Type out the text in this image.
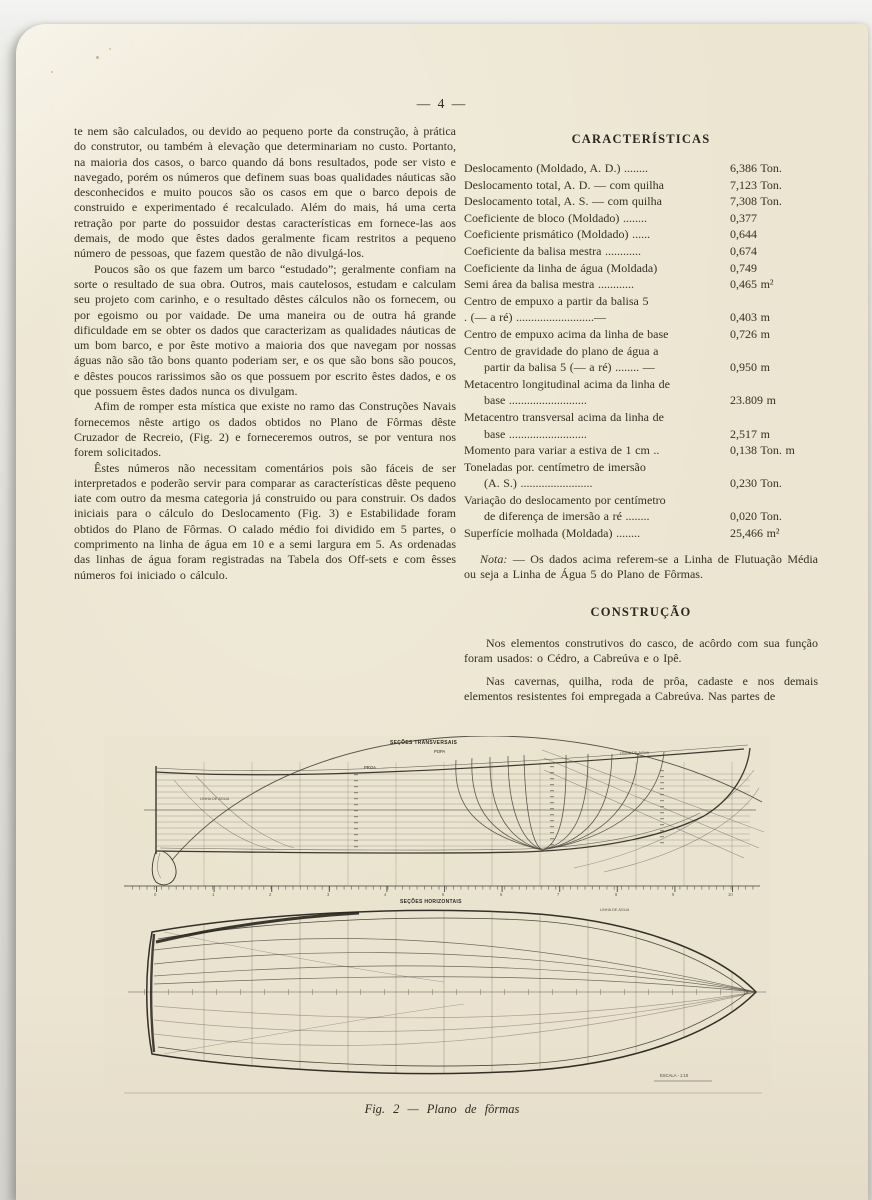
— 4 —

te nem são calculados, ou devido ao pequeno porte da construção, à prática do construtor, ou também à elevação que determinariam no custo. Portanto, na maioria dos casos, o barco quando dá bons resultados, pode ser visto e navegado, porém os números que definem suas boas qualidades náuticas são desconhecidos e muito poucos são os casos em que o barco depois de construido e experimentado é recalculado. Além do mais, há uma certa retração por parte do possuidor destas características em fornece-las aos demais, de modo que êstes dados geralmente ficam restritos a pequeno número de pessoas, que fazem questão de não divulgá-los.

Poucos são os que fazem um barco “estudado”; geralmente confiam na sorte o resultado de sua obra. Outros, mais cautelosos, estudam e calculam seu projeto com carinho, e o resultado dêstes cálculos não os fornecem, ou por egoismo ou por vaidade. De uma maneira ou de outra há grande dificuldade em se obter os dados que caracterizam as qualidades náuticas de um bom barco, e por êste motivo a maioria dos que navegam por nossas águas não são tão bons quanto poderiam ser, e os que são bons são poucos, e dêstes poucos rarissimos são os que possuem por escrito êstes dados, e os que possuem êstes dados nunca os divulgam.

Afim de romper esta mística que existe no ramo das Construções Navais fornecemos nêste artigo os dados obtidos no Plano de Fôrmas dêste Cruzador de Recreio, (Fig. 2) e forneceremos outros, se por ventura nos forem solicitados.

Êstes números não necessitam comentários pois são fáceis de ser interpretados e poderão servir para comparar as características dêste pequeno iate com outro da mesma categoria já construido ou para construir. Os dados iniciais para o cálculo do Deslocamento (Fig. 3) e Estabilidade foram obtidos do Plano de Fôrmas. O calado médio foi dividido em 5 partes, o comprimento na linha de água em 10 e a semi largura em 5. As ordenadas das linhas de água foram registradas na Tabela dos Off-sets e com êsses números foi iniciado o cálculo.

CARACTERÍSTICAS
Deslocamento (Moldado, A. D.) ........	6,386 Ton.
Deslocamento total, A. D. — com quilha	7,123 Ton.
Deslocamento total, A. S. — com quilha	7,308 Ton.
Coeficiente de bloco (Moldado) ........	0,377
Coeficiente prismático (Moldado) ......	0,644
Coeficiente da balisa mestra ............	0,674
Coeficiente da linha de água (Moldada)	0,749
Semi área da balisa mestra ............	0,465 m²
Centro de empuxo a partir da balisa 5
. (— a ré) ..........................—	0,403 m
Centro de empuxo acima da linha de base	0,726 m
Centro de gravidade do plano de água a
partir da balisa 5 (— a ré) ........ —	0,950 m
Metacentro longitudinal acima da linha de
base ..........................	23.809 m
Metacentro transversal acima da linha de
base ..........................	2,517 m
Momento para variar a estiva de 1 cm ..	0,138 Ton. m
Toneladas por. centímetro de imersão
(A. S.) ........................	0,230 Ton.
Variação do deslocamento por centímetro
de diferença de imersão a ré ........	0,020 Ton.
Superfície molhada (Moldada) ........	25,466 m²

Nota: — Os dados acima referem-se a Linha de Flutuação Média ou seja a Linha de Água 5 do Plano de Fôrmas.

CONSTRUÇÃO

Nos elementos construtivos do casco, de acôrdo com sua função foram usados: o Cédro, a Cabreúva e o Ipê.

Nas cavernas, quilha, roda de prôa, cadaste e nos demais elementos resistentes foi empregada a Cabreúva. Nas partes de

0	1	2	3	4	5	6	7	8	9	10
SEÇÕES TRANSVERSAIS
POPA
PROA
LINHA DE ÁGUA
LINHA DE ÁGUA
SEÇÕES HORIZONTAIS
LINHA DE ÁGUA
ESCALA - 1:10
Fig. 2 — Plano de fôrmas
